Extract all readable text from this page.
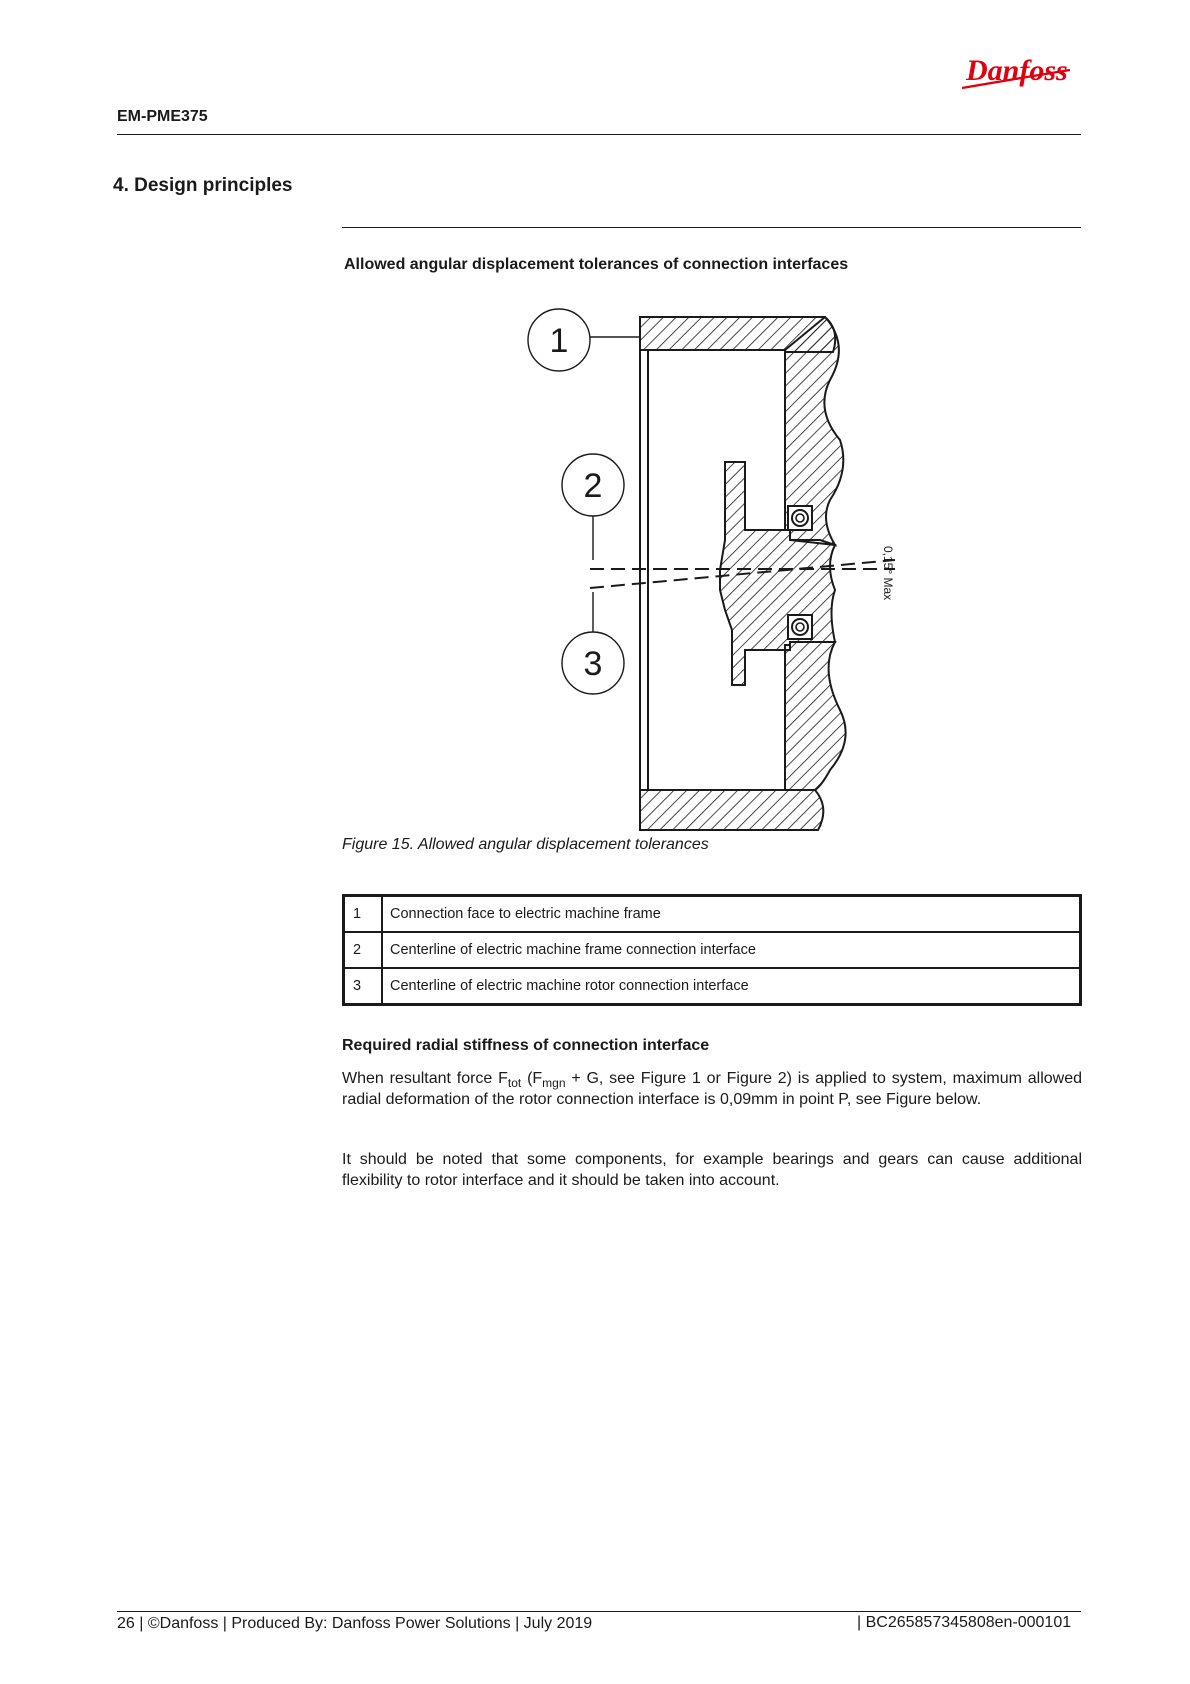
Danfoss
EM-PME375
4. Design principles
Allowed angular displacement tolerances of connection interfaces
1
2
3
0,15° Max
Figure 15. Allowed angular displacement tolerances
1	Connection face to electric machine frame
2	Centerline of electric machine frame connection interface
3	Centerline of electric machine rotor connection interface
Required radial stiffness of connection interface
When resultant force $F_{tot}$ ($F_{mgn} + G$, see Figure 1 or Figure 2) is applied to system, maximum allowed radial deformation of the rotor connection interface is 0,09mm in point P, see Figure below.
It should be noted that some components, for example bearings and gears can cause additional flexibility to rotor interface and it should be taken into account.
26 | ©Danfoss | Produced By: Danfoss Power Solutions | July 2019	| BC265857345808en-000101
